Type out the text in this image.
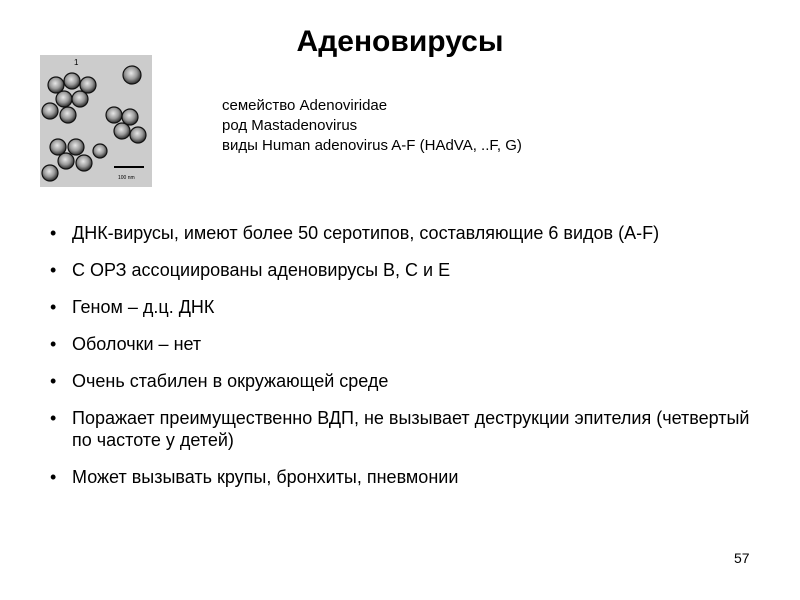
Аденовирусы
1
100 nm
семейство Adenoviridae
род Mastadenovirus
виды Human adenovirus A-F (HAdVA, ..F, G)
• ДНК-вирусы, имеют более 50 серотипов, составляющие 6 видов (A-F)
• С ОРЗ ассоциированы аденовирусы B, C и E
• Геном – д.ц. ДНК
• Оболочки – нет
• Очень стабилен в окружающей среде
• Поражает преимущественно ВДП, не вызывает деструкции эпителия (четвертый по частоте у детей)
• Может вызывать крупы, бронхиты, пневмонии
57
